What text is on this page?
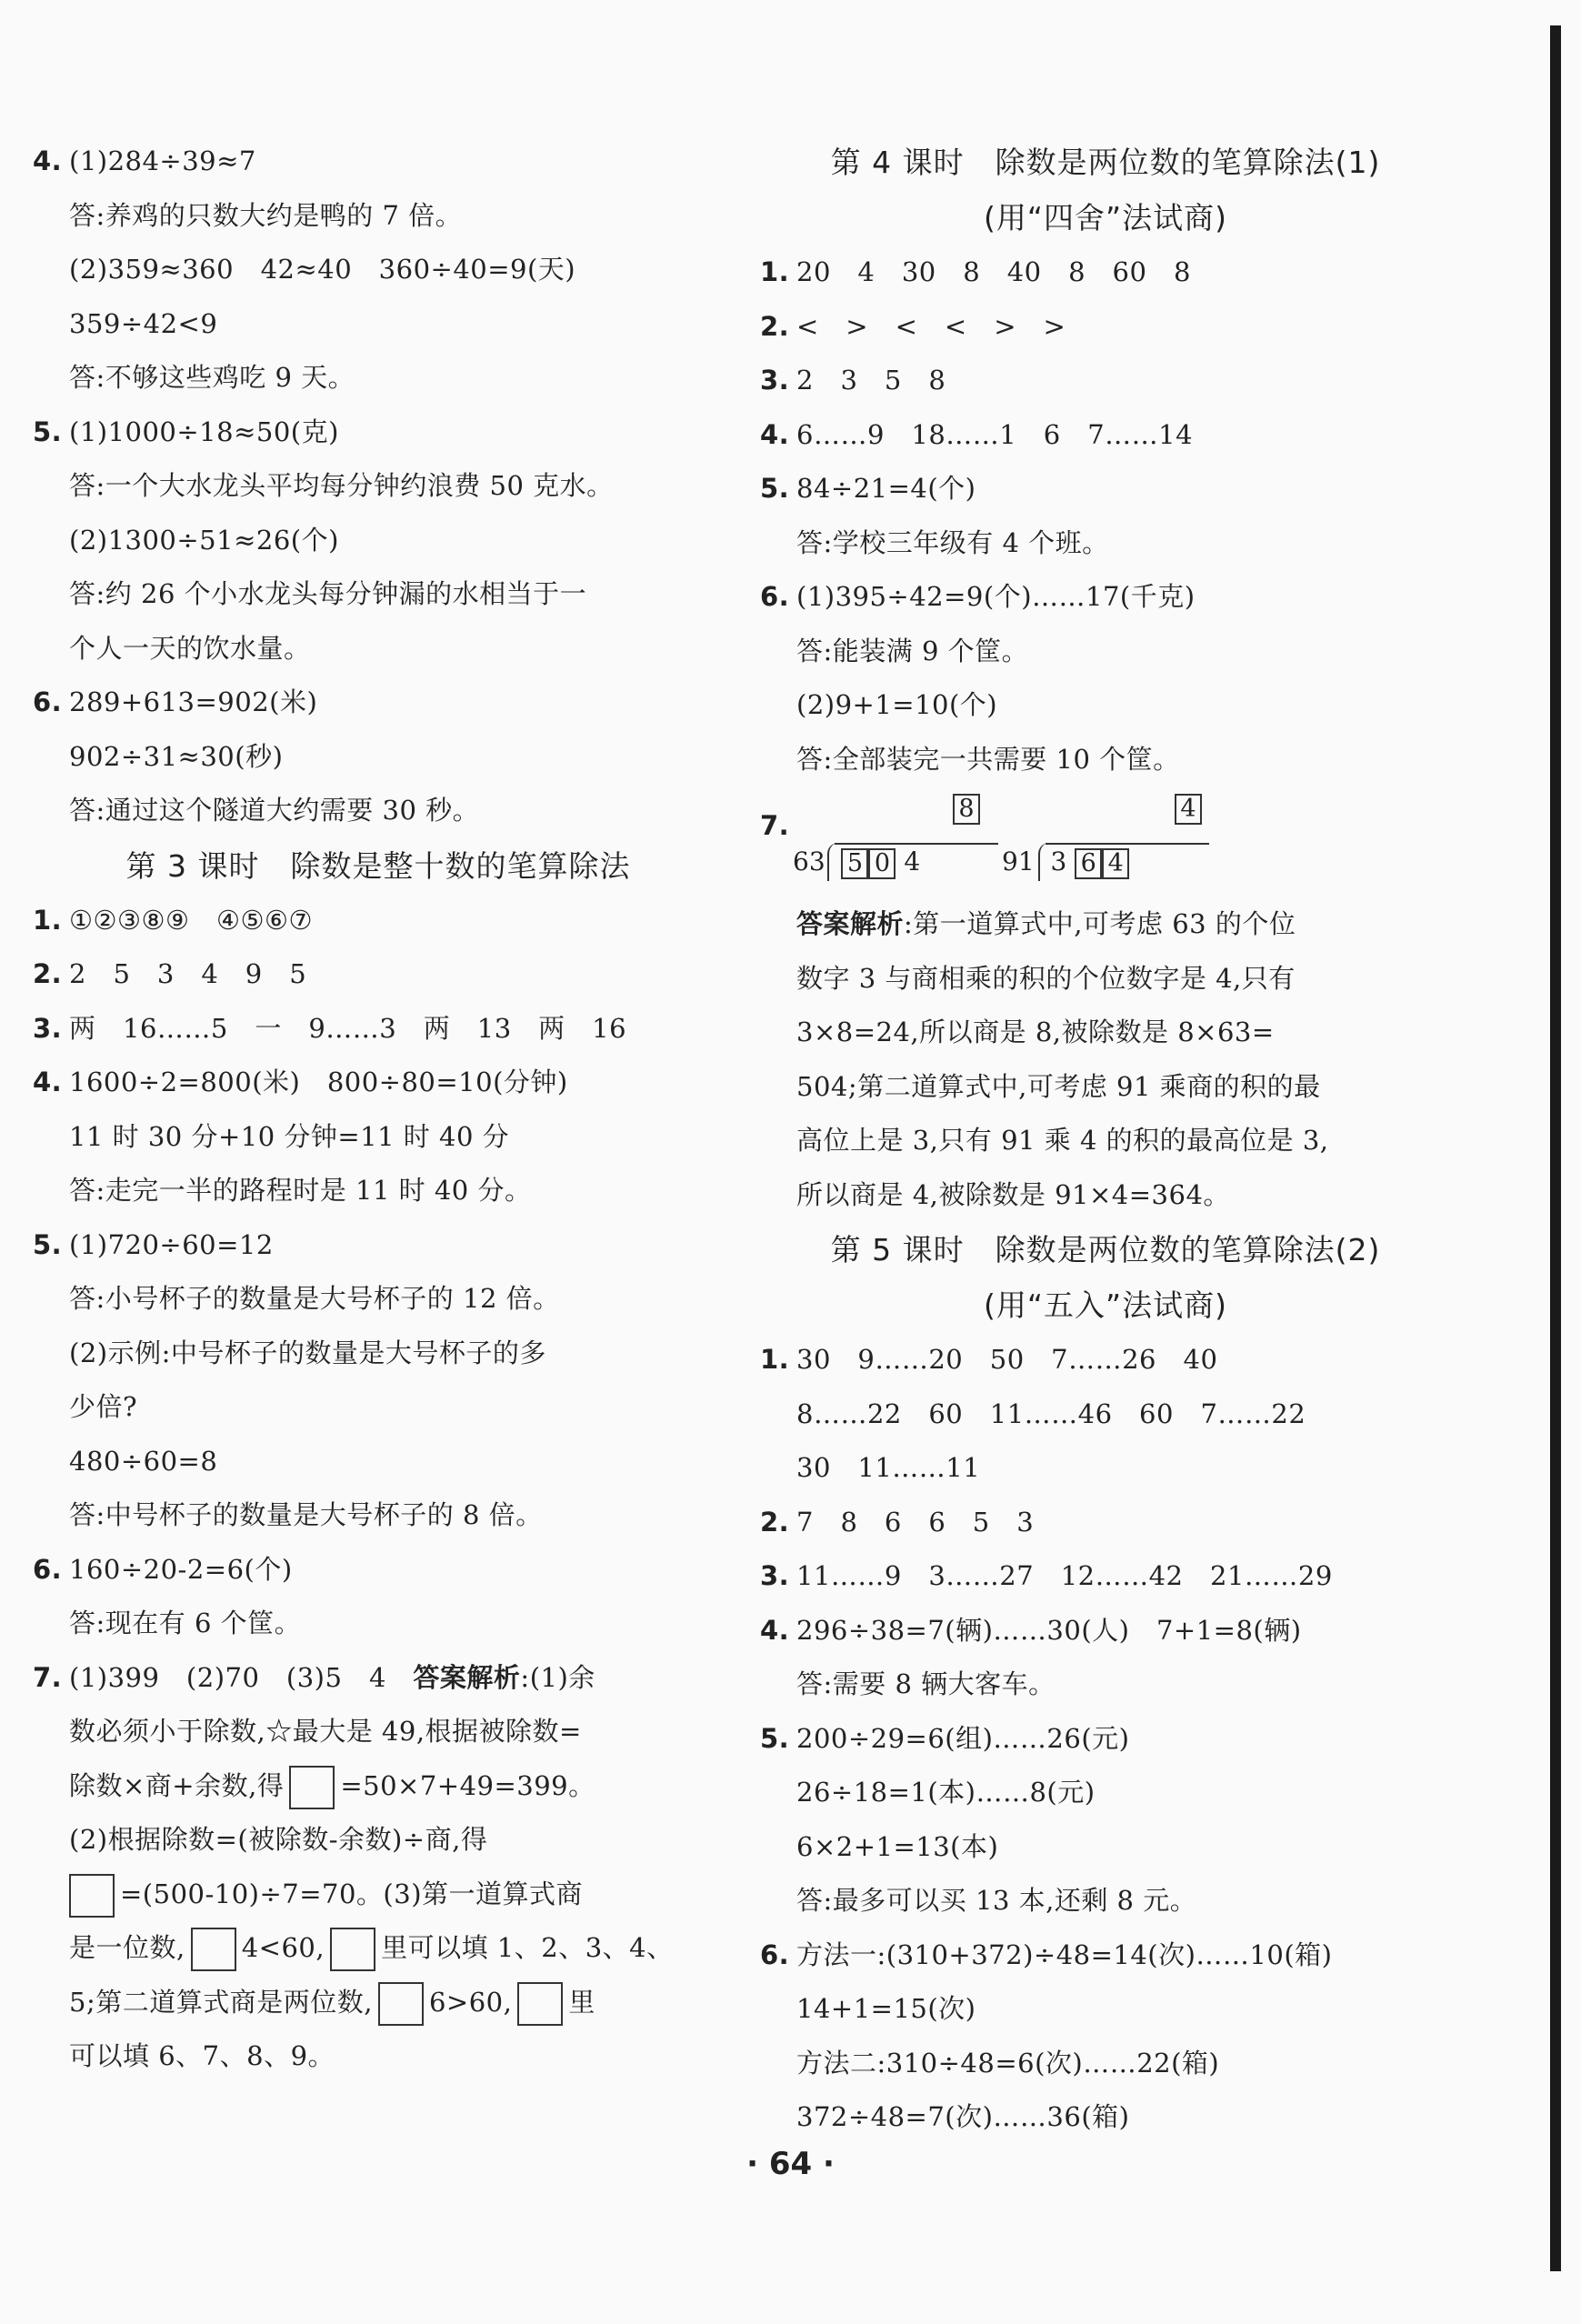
4. (1)284÷39≈7
答:养鸡的只数大约是鸭的 7 倍。
(2)359≈360　42≈40　360÷40=9(天)
359÷42<9
答:不够这些鸡吃 9 天。
5. (1)1000÷18≈50(克)
答:一个大水龙头平均每分钟约浪费 50 克水。
(2)1300÷51≈26(个)
答:约 26 个小水龙头每分钟漏的水相当于一
个人一天的饮水量。
6. 289+613=902(米)
902÷31≈30(秒)
答:通过这个隧道大约需要 30 秒。
第 3 课时　除数是整十数的笔算除法
1. ①②③⑧⑨　④⑤⑥⑦
2. 2　5　3　4　9　5
3. 两　16……5　一　9……3　两　13　两　16
4. 1600÷2=800(米)　800÷80=10(分钟)
11 时 30 分+10 分钟=11 时 40 分
答:走完一半的路程时是 11 时 40 分。
5. (1)720÷60=12
答:小号杯子的数量是大号杯子的 12 倍。
(2)示例:中号杯子的数量是大号杯子的多
少倍?
480÷60=8
答:中号杯子的数量是大号杯子的 8 倍。
6. 160÷20-2=6(个)
答:现在有 6 个筐。
7. (1)399　(2)70　(3)5　4　答案解析:(1)余
数必须小于除数,☆最大是 49,根据被除数=
除数×商+余数,得 =50×7+49=399。
(2)根据除数=(被除数-余数)÷商,得
=(500-10)÷7=70。(3)第一道算式商
是一位数, 4<60, 里可以填 1、2、3、4、
5;第二道算式商是两位数, 6>60, 里
可以填 6、7、8、9。
第 4 课时　除数是两位数的笔算除法(1)
(用“四舍”法试商)
1. 20　4　30　8　40　8　60　8
2. <　>　<　<　>　>
3. 2　3　5　8
4. 6……9　18……1　6　7……14
5. 84÷21=4(个)
答:学校三年级有 4 个班。
6. (1)395÷42=9(个)……17(千克)
答:能装满 9 个筐。
(2)9+1=10(个)
答:全部装完一共需要 10 个筐。
7.
8
63 5 0 4
4
91 3 6 4
答案解析:第一道算式中,可考虑 63 的个位
数字 3 与商相乘的积的个位数字是 4,只有
3×8=24,所以商是 8,被除数是 8×63=
504;第二道算式中,可考虑 91 乘商的积的最
高位上是 3,只有 91 乘 4 的积的最高位是 3,
所以商是 4,被除数是 91×4=364。
第 5 课时　除数是两位数的笔算除法(2)
(用“五入”法试商)
1. 30　9……20　50　7……26　40
8……22　60　11……46　60　7……22
30　11……11
2. 7　8　6　6　5　3
3. 11……9　3……27　12……42　21……29
4. 296÷38=7(辆)……30(人)　7+1=8(辆)
答:需要 8 辆大客车。
5. 200÷29=6(组)……26(元)
26÷18=1(本)……8(元)
6×2+1=13(本)
答:最多可以买 13 本,还剩 8 元。
6. 方法一:(310+372)÷48=14(次)……10(箱)
14+1=15(次)
方法二:310÷48=6(次)……22(箱)
372÷48=7(次)……36(箱)
· 64 ·
